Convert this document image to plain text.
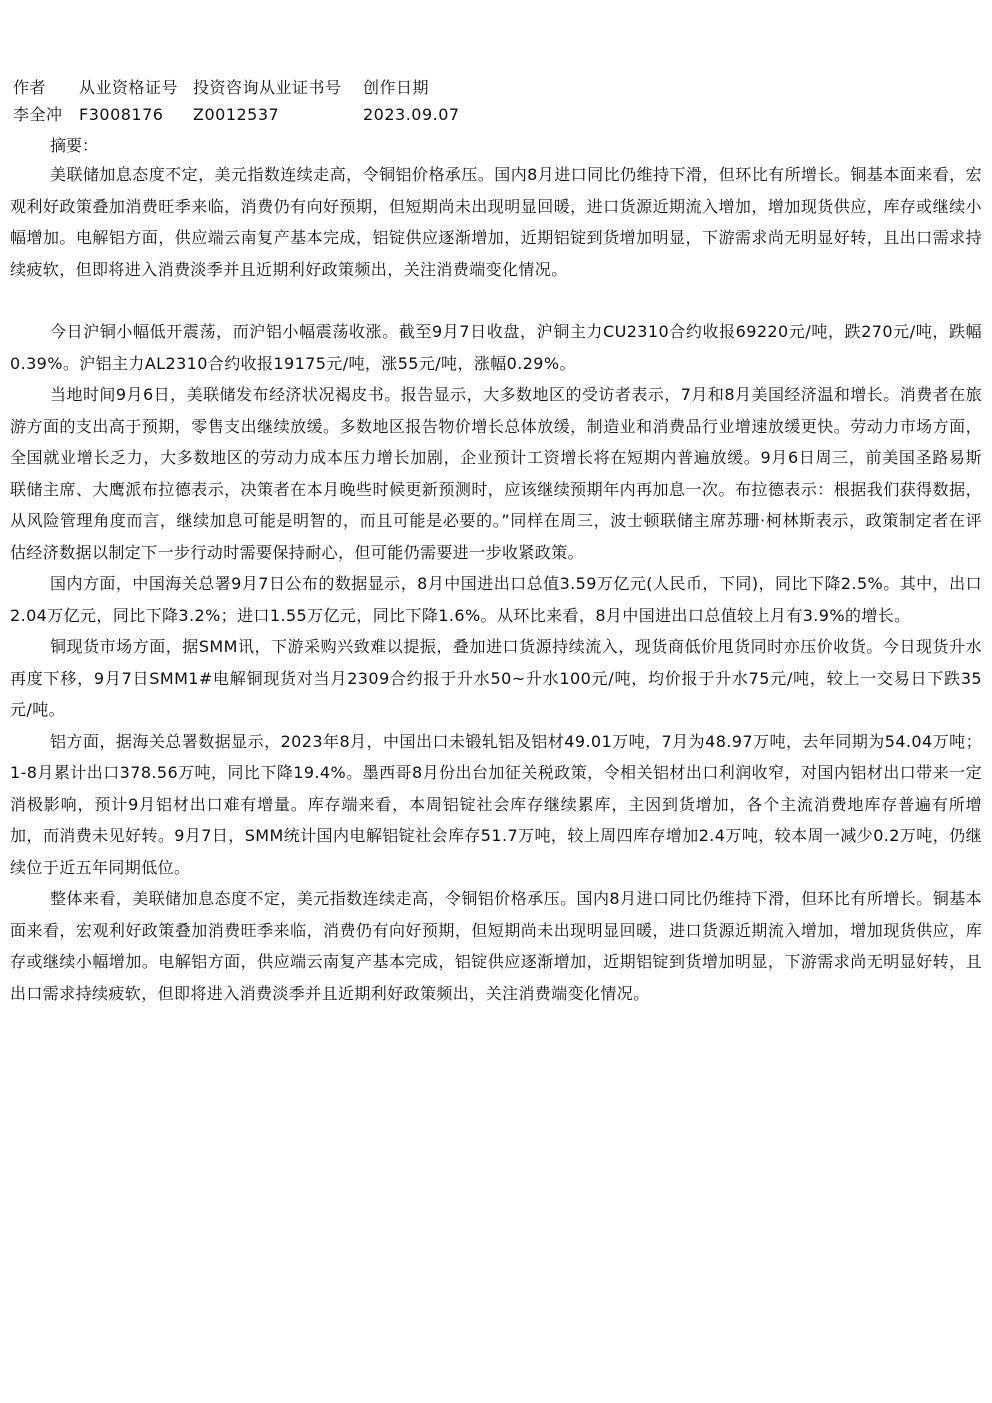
作者	从业资格证号 投资咨询从业证书号	创作日期
李全冲	F3008176	Z0012537	2023.09.07
摘要：

美联储加息态度不定，美元指数连续走高，令铜铝价格承压。国内8月进口同比仍维持下滑，但环比有所增长。铜基本面来看，宏观利好政策叠加消费旺季来临，消费仍有向好预期，但短期尚未出现明显回暖，进口货源近期流入增加，增加现货供应，库存或继续小幅增加。电解铝方面，供应端云南复产基本完成，铝锭供应逐渐增加，近期铝锭到货增加明显，下游需求尚无明显好转，且出口需求持续疲软，但即将进入消费淡季并且近期利好政策频出，关注消费端变化情况。

今日沪铜小幅低开震荡，而沪铝小幅震荡收涨。截至9月7日收盘，沪铜主力CU2310合约收报69220元/吨，跌270元/吨，跌幅0.39%。沪铝主力AL2310合约收报19175元/吨，涨55元/吨，涨幅0.29%。

当地时间9月6日，美联储发布经济状况褐皮书。报告显示，大多数地区的受访者表示，7月和8月美国经济温和增长。消费者在旅游方面的支出高于预期，零售支出继续放缓。多数地区报告物价增长总体放缓，制造业和消费品行业增速放缓更快。劳动力市场方面，全国就业增长乏力，大多数地区的劳动力成本压力增长加剧，企业预计工资增长将在短期内普遍放缓。9月6日周三，前美国圣路易斯联储主席、大鹰派布拉德表示，决策者在本月晚些时候更新预测时，应该继续预期年内再加息一次。布拉德表示：根据我们获得数据，从风险管理角度而言，继续加息可能是明智的，而且可能是必要的。”同样在周三，波士顿联储主席苏珊·柯林斯表示，政策制定者在评估经济数据以制定下一步行动时需要保持耐心，但可能仍需要进一步收紧政策。

国内方面，中国海关总署9月7日公布的数据显示，8月中国进出口总值3.59万亿元(人民币，下同)，同比下降2.5%。其中，出口2.04万亿元，同比下降3.2%；进口1.55万亿元，同比下降1.6%。从环比来看，8月中国进出口总值较上月有3.9%的增长。

铜现货市场方面，据SMM讯，下游采购兴致难以提振，叠加进口货源持续流入，现货商低价甩货同时亦压价收货。今日现货升水再度下移，9月7日SMM1#电解铜现货对当月2309合约报于升水50~升水100元/吨，均价报于升水75元/吨，较上一交易日下跌35元/吨。

铝方面，据海关总署数据显示，2023年8月，中国出口未锻轧铝及铝材49.01万吨，7月为48.97万吨，去年同期为54.04万吨；1-8月累计出口378.56万吨，同比下降19.4%。墨西哥8月份出台加征关税政策，令相关铝材出口利润收窄，对国内铝材出口带来一定消极影响，预计9月铝材出口难有增量。库存端来看，本周铝锭社会库存继续累库，主因到货增加，各个主流消费地库存普遍有所增加，而消费未见好转。9月7日，SMM统计国内电解铝锭社会库存51.7万吨，较上周四库存增加2.4万吨，较本周一减少0.2万吨，仍继续位于近五年同期低位。

整体来看，美联储加息态度不定，美元指数连续走高，令铜铝价格承压。国内8月进口同比仍维持下滑，但环比有所增长。铜基本面来看，宏观利好政策叠加消费旺季来临，消费仍有向好预期，但短期尚未出现明显回暖，进口货源近期流入增加，增加现货供应，库存或继续小幅增加。电解铝方面，供应端云南复产基本完成，铝锭供应逐渐增加，近期铝锭到货增加明显，下游需求尚无明显好转，且出口需求持续疲软，但即将进入消费淡季并且近期利好政策频出，关注消费端变化情况。
